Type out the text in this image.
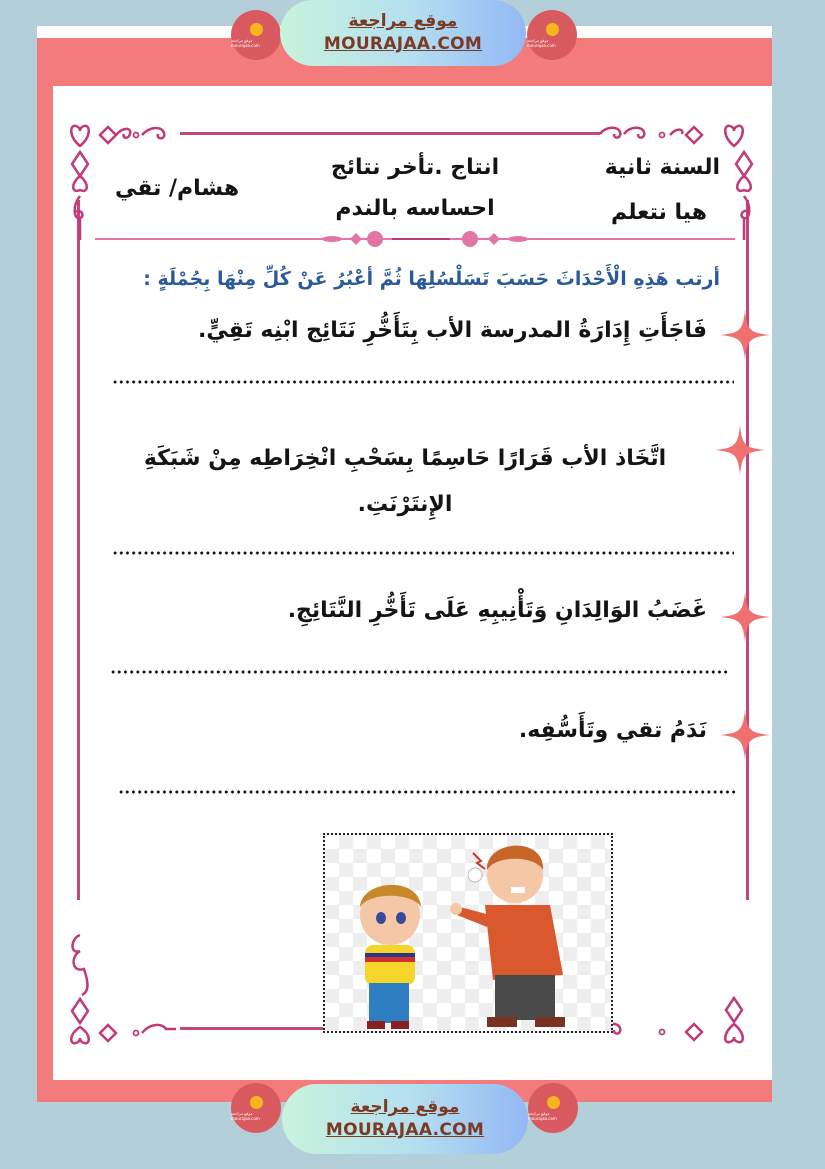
موقع مراجعة mourajaa.com
موقع مراجعة
MOURAJAA.COM	موقع مراجعة mourajaa.com
السنة ثانية
هيا نتعلم
انتاج .تأخر نتائج
احساسه بالندم
هشام/ تقي
أرتب هَذِهِ الْأَحْدَاثَ حَسَبَ تَسَلْسُلِهَا ثُمَّ أعْبُرُ عَنْ كُلِّ مِنْهَا بِجُمْلَةٍ :
فَاجَأَتِ إِدَارَةُ المدرسة الأب بِتَأَخُّرِ نَتَائِج ابْنِه تَقِيٍّ.
اتَّخَاذ الأب قَرَارًا حَاسِمًا بِسَحْبِ انْخِرَاطِه مِنْ شَبَكَةِ الإِنتَرْنَتِ.
غَضَبُ الوَالِدَانِ وَتَأْنِيبِهِ عَلَى تَأَخُّرِ النَّتَائِجِ.
نَدَمُ تقي وتَأَسُّفِه.
موقع مراجعة mourajaa.com
موقع مراجعة
MOURAJAA.COM
موقع مراجعة mourajaa.com
